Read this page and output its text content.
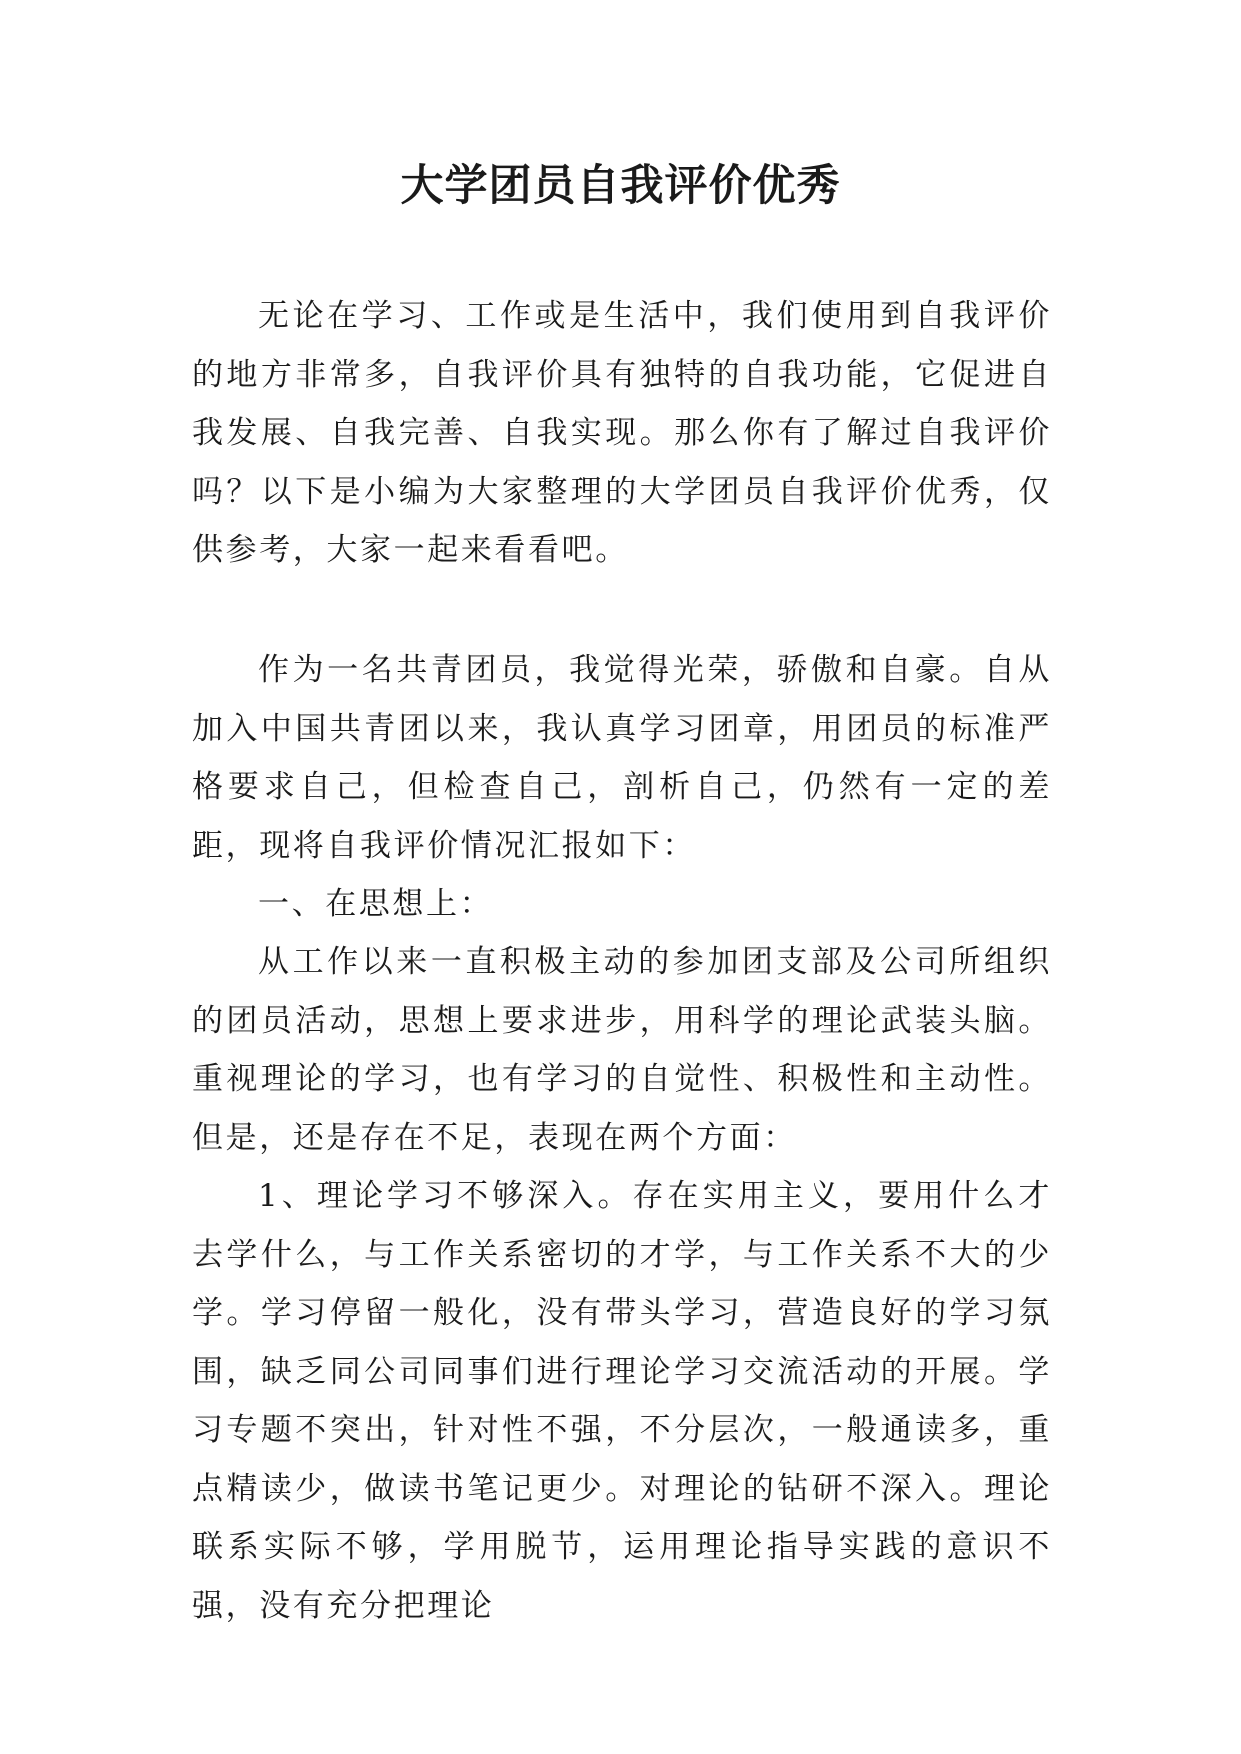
大学团员自我评价优秀
无论在学习、工作或是生活中，我们使用到自我评价的地方非常多，自我评价具有独特的自我功能，它促进自我发展、自我完善、自我实现。那么你有了解过自我评价吗？以下是小编为大家整理的大学团员自我评价优秀，仅供参考，大家一起来看看吧。
作为一名共青团员，我觉得光荣，骄傲和自豪。自从加入中国共青团以来，我认真学习团章，用团员的标准严格要求自己，但检查自己，剖析自己，仍然有一定的差距，现将自我评价情况汇报如下：
一、在思想上：
从工作以来一直积极主动的参加团支部及公司所组织的团员活动，思想上要求进步，用科学的理论武装头脑。重视理论的学习，也有学习的自觉性、积极性和主动性。但是，还是存在不足，表现在两个方面：
1、理论学习不够深入。存在实用主义，要用什么才去学什么，与工作关系密切的才学，与工作关系不大的少学。学习停留一般化，没有带头学习，营造良好的学习氛围，缺乏同公司同事们进行理论学习交流活动的开展。学习专题不突出，针对性不强，不分层次，一般通读多，重点精读少，做读书笔记更少。对理论的钻研不深入。理论联系实际不够，学用脱节，运用理论指导实践的意识不强，没有充分把理论
